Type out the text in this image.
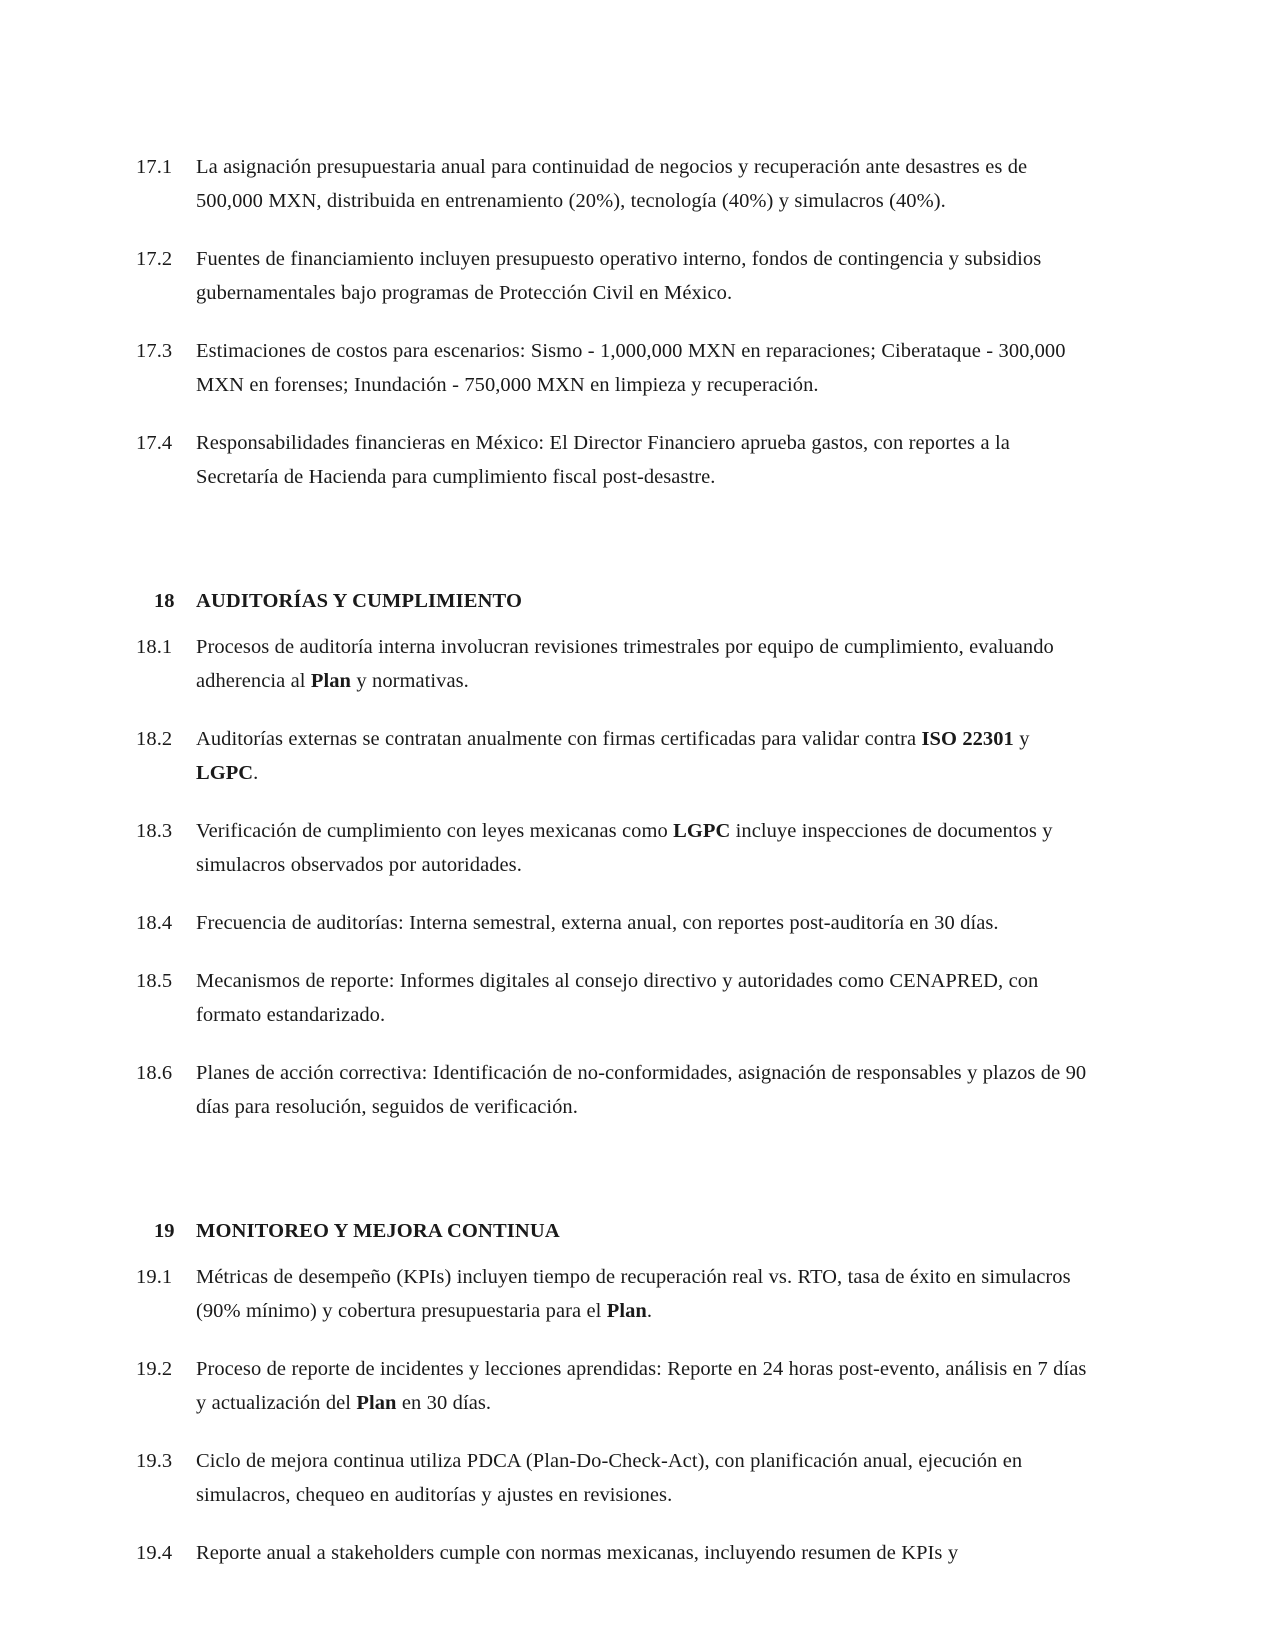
17.1	La asignación presupuestaria anual para continuidad de negocios y recuperación ante desastres es de 500,000 MXN, distribuida en entrenamiento (20%), tecnología (40%) y simulacros (40%).
17.2	Fuentes de financiamiento incluyen presupuesto operativo interno, fondos de contingencia y subsidios gubernamentales bajo programas de Protección Civil en México.
17.3	Estimaciones de costos para escenarios: Sismo - 1,000,000 MXN en reparaciones; Ciberataque - 300,000 MXN en forenses; Inundación - 750,000 MXN en limpieza y recuperación.
17.4	Responsabilidades financieras en México: El Director Financiero aprueba gastos, con reportes a la Secretaría de Hacienda para cumplimiento fiscal post-desastre.
18	AUDITORÍAS Y CUMPLIMIENTO
18.1	Procesos de auditoría interna involucran revisiones trimestrales por equipo de cumplimiento, evaluando adherencia al Plan y normativas.
18.2	Auditorías externas se contratan anualmente con firmas certificadas para validar contra ISO 22301 y LGPC.
18.3	Verificación de cumplimiento con leyes mexicanas como LGPC incluye inspecciones de documentos y simulacros observados por autoridades.
18.4	Frecuencia de auditorías: Interna semestral, externa anual, con reportes post-auditoría en 30 días.
18.5	Mecanismos de reporte: Informes digitales al consejo directivo y autoridades como CENAPRED, con formato estandarizado.
18.6	Planes de acción correctiva: Identificación de no-conformidades, asignación de responsables y plazos de 90 días para resolución, seguidos de verificación.
19	MONITOREO Y MEJORA CONTINUA
19.1	Métricas de desempeño (KPIs) incluyen tiempo de recuperación real vs. RTO, tasa de éxito en simulacros (90% mínimo) y cobertura presupuestaria para el Plan.
19.2	Proceso de reporte de incidentes y lecciones aprendidas: Reporte en 24 horas post-evento, análisis en 7 días y actualización del Plan en 30 días.
19.3	Ciclo de mejora continua utiliza PDCA (Plan-Do-Check-Act), con planificación anual, ejecución en simulacros, chequeo en auditorías y ajustes en revisiones.
19.4	Reporte anual a stakeholders cumple con normas mexicanas, incluyendo resumen de KPIs y
